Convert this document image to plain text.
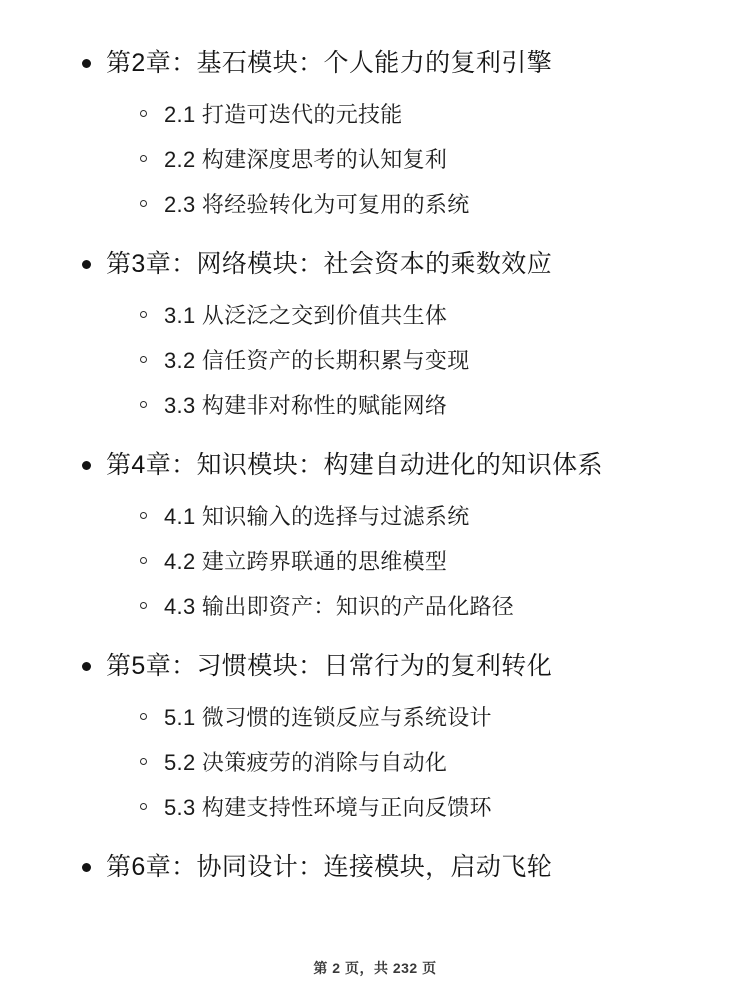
第2章：基石模块：个人能力的复利引擎
2.1 打造可迭代的元技能
2.2 构建深度思考的认知复利
2.3 将经验转化为可复用的系统
第3章：网络模块：社会资本的乘数效应
3.1 从泛泛之交到价值共生体
3.2 信任资产的长期积累与变现
3.3 构建非对称性的赋能网络
第4章：知识模块：构建自动进化的知识体系
4.1 知识输入的选择与过滤系统
4.2 建立跨界联通的思维模型
4.3 输出即资产：知识的产品化路径
第5章：习惯模块：日常行为的复利转化
5.1 微习惯的连锁反应与系统设计
5.2 决策疲劳的消除与自动化
5.3 构建支持性环境与正向反馈环
第6章：协同设计：连接模块，启动飞轮
第 2 页，共 232 页
